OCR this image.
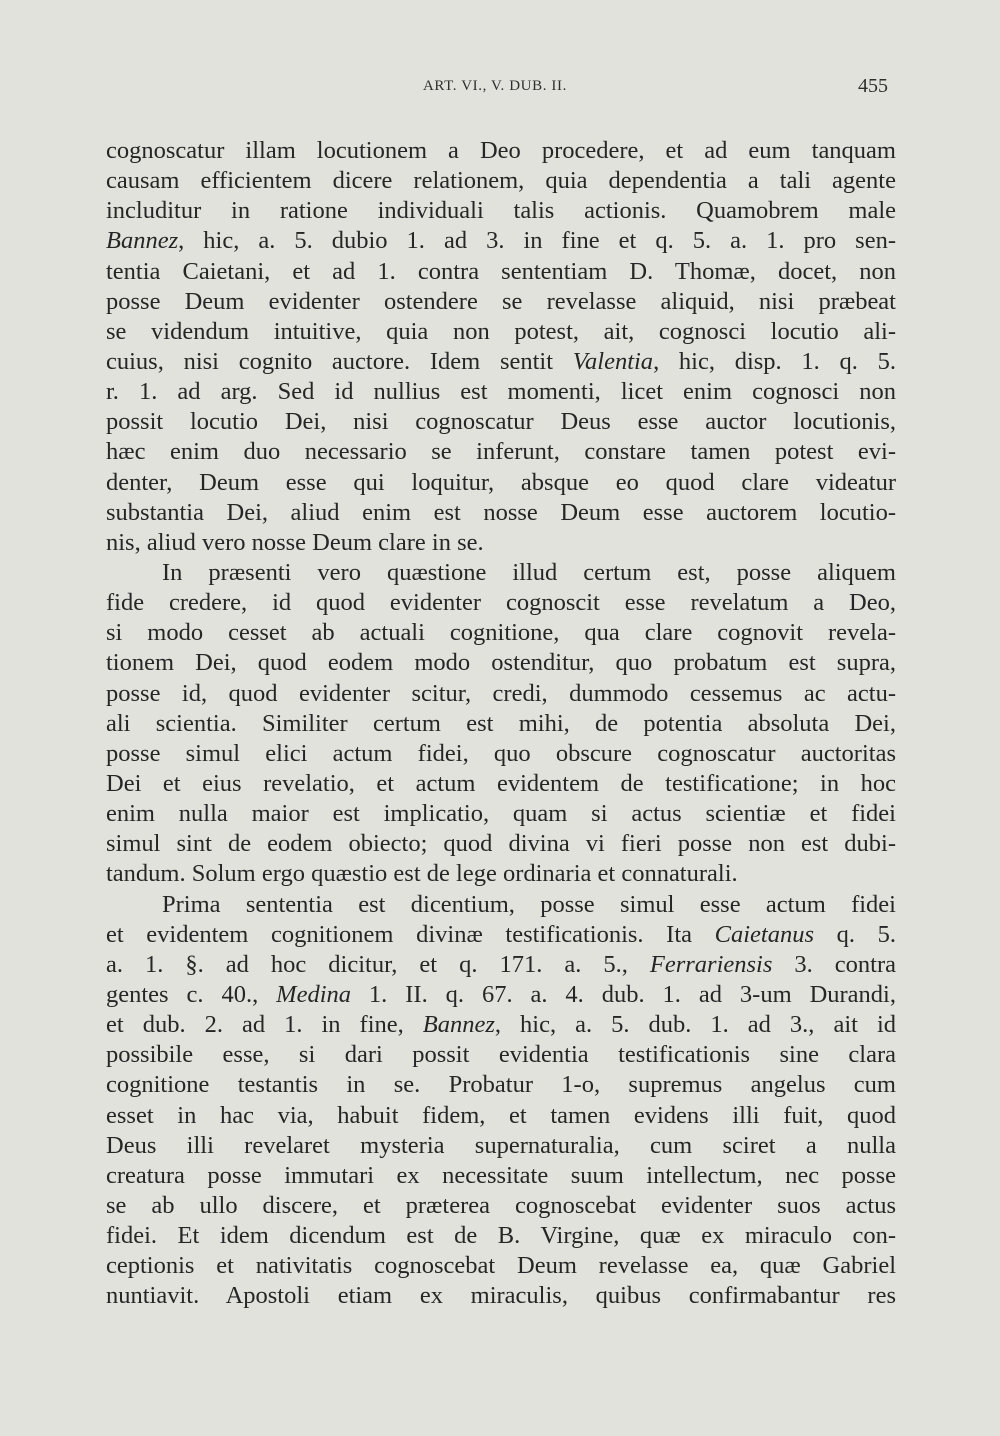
ART. VI., V. DUB. II.	455
cognoscatur illam locutionem a Deo procedere, et ad eum tanquam
causam efficientem dicere relationem, quia dependentia a tali agente
includitur in ratione individuali talis actionis. Quamobrem male
Bannez, hic, a. 5. dubio 1. ad 3. in fine et q. 5. a. 1. pro sen-
tentia Caietani, et ad 1. contra sententiam D. Thomæ, docet, non
posse Deum evidenter ostendere se revelasse aliquid, nisi præbeat
se videndum intuitive, quia non potest, ait, cognosci locutio ali-
cuius, nisi cognito auctore. Idem sentit Valentia, hic, disp. 1. q. 5.
r. 1. ad arg. Sed id nullius est momenti, licet enim cognosci non
possit locutio Dei, nisi cognoscatur Deus esse auctor locutionis,
hæc enim duo necessario se inferunt, constare tamen potest evi-
denter, Deum esse qui loquitur, absque eo quod clare videatur
substantia Dei, aliud enim est nosse Deum esse auctorem locutio-
nis, aliud vero nosse Deum clare in se.
In præsenti vero quæstione illud certum est, posse aliquem
fide credere, id quod evidenter cognoscit esse revelatum a Deo,
si modo cesset ab actuali cognitione, qua clare cognovit revela-
tionem Dei, quod eodem modo ostenditur, quo probatum est supra,
posse id, quod evidenter scitur, credi, dummodo cessemus ac actu-
ali scientia. Similiter certum est mihi, de potentia absoluta Dei,
posse simul elici actum fidei, quo obscure cognoscatur auctoritas
Dei et eius revelatio, et actum evidentem de testificatione; in hoc
enim nulla maior est implicatio, quam si actus scientiæ et fidei
simul sint de eodem obiecto; quod divina vi fieri posse non est dubi-
tandum. Solum ergo quæstio est de lege ordinaria et connaturali.
Prima sententia est dicentium, posse simul esse actum fidei
et evidentem cognitionem divinæ testificationis. Ita Caietanus q. 5.
a. 1. §. ad hoc dicitur, et q. 171. a. 5., Ferrariensis 3. contra
gentes c. 40., Medina 1. II. q. 67. a. 4. dub. 1. ad 3-um Durandi,
et dub. 2. ad 1. in fine, Bannez, hic, a. 5. dub. 1. ad 3., ait id
possibile esse, si dari possit evidentia testificationis sine clara
cognitione testantis in se. Probatur 1-o, supremus angelus cum
esset in hac via, habuit fidem, et tamen evidens illi fuit, quod
Deus illi revelaret mysteria supernaturalia, cum sciret a nulla
creatura posse immutari ex necessitate suum intellectum, nec posse
se ab ullo discere, et præterea cognoscebat evidenter suos actus
fidei. Et idem dicendum est de B. Virgine, quæ ex miraculo con-
ceptionis et nativitatis cognoscebat Deum revelasse ea, quæ Gabriel
nuntiavit. Apostoli etiam ex miraculis, quibus confirmabantur res
